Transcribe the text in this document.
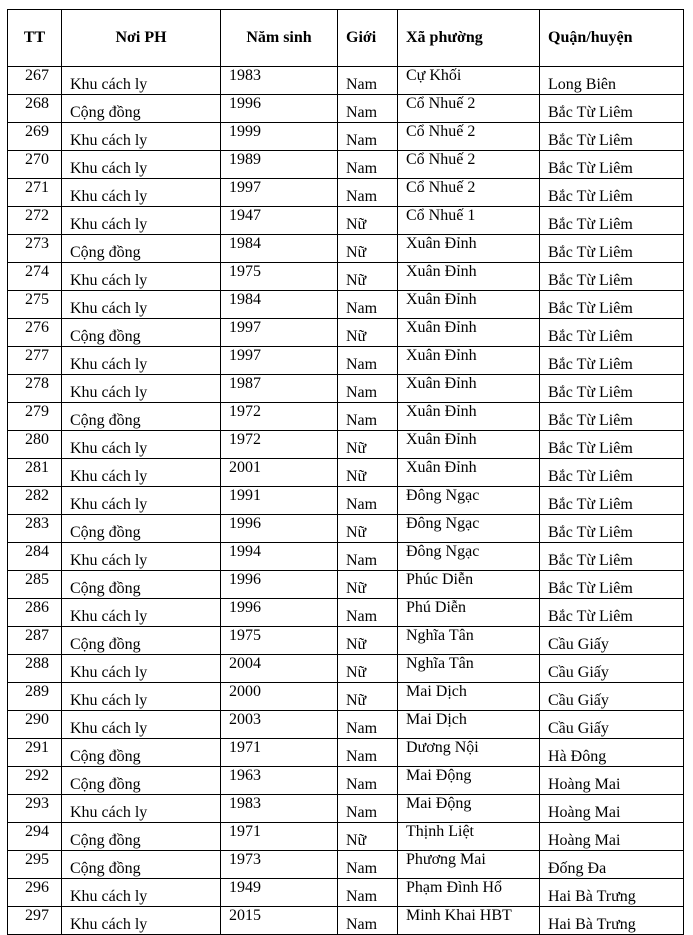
TT	Nơi PH	Năm sinh	Giới	Xã phường	Quận/huyện
267	Khu cách ly	1983	Nam	Cự Khối	Long Biên
268	Cộng đồng	1996	Nam	Cổ Nhuế 2	Bắc Từ Liêm
269	Khu cách ly	1999	Nam	Cổ Nhuế 2	Bắc Từ Liêm
270	Khu cách ly	1989	Nam	Cổ Nhuế 2	Bắc Từ Liêm
271	Khu cách ly	1997	Nam	Cổ Nhuế 2	Bắc Từ Liêm
272	Khu cách ly	1947	Nữ	Cổ Nhuế 1	Bắc Từ Liêm
273	Cộng đồng	1984	Nữ	Xuân Đỉnh	Bắc Từ Liêm
274	Khu cách ly	1975	Nữ	Xuân Đỉnh	Bắc Từ Liêm
275	Khu cách ly	1984	Nam	Xuân Đỉnh	Bắc Từ Liêm
276	Cộng đồng	1997	Nữ	Xuân Đỉnh	Bắc Từ Liêm
277	Khu cách ly	1997	Nam	Xuân Đỉnh	Bắc Từ Liêm
278	Khu cách ly	1987	Nam	Xuân Đỉnh	Bắc Từ Liêm
279	Cộng đồng	1972	Nam	Xuân Đỉnh	Bắc Từ Liêm
280	Khu cách ly	1972	Nữ	Xuân Đỉnh	Bắc Từ Liêm
281	Khu cách ly	2001	Nữ	Xuân Đỉnh	Bắc Từ Liêm
282	Khu cách ly	1991	Nam	Đông Ngạc	Bắc Từ Liêm
283	Cộng đồng	1996	Nữ	Đông Ngạc	Bắc Từ Liêm
284	Khu cách ly	1994	Nam	Đông Ngạc	Bắc Từ Liêm
285	Cộng đồng	1996	Nữ	Phúc Diễn	Bắc Từ Liêm
286	Khu cách ly	1996	Nam	Phú Diễn	Bắc Từ Liêm
287	Cộng đồng	1975	Nữ	Nghĩa Tân	Cầu Giấy
288	Khu cách ly	2004	Nữ	Nghĩa Tân	Cầu Giấy
289	Khu cách ly	2000	Nữ	Mai Dịch	Cầu Giấy
290	Khu cách ly	2003	Nam	Mai Dịch	Cầu Giấy
291	Cộng đồng	1971	Nam	Dương Nội	Hà Đông
292	Cộng đồng	1963	Nam	Mai Động	Hoàng Mai
293	Khu cách ly	1983	Nam	Mai Động	Hoàng Mai
294	Cộng đồng	1971	Nữ	Thịnh Liệt	Hoàng Mai
295	Cộng đồng	1973	Nam	Phương Mai	Đống Đa
296	Khu cách ly	1949	Nam	Phạm Đình Hổ	Hai Bà Trưng
297	Khu cách ly	2015	Nam	Minh Khai HBT	Hai Bà Trưng
